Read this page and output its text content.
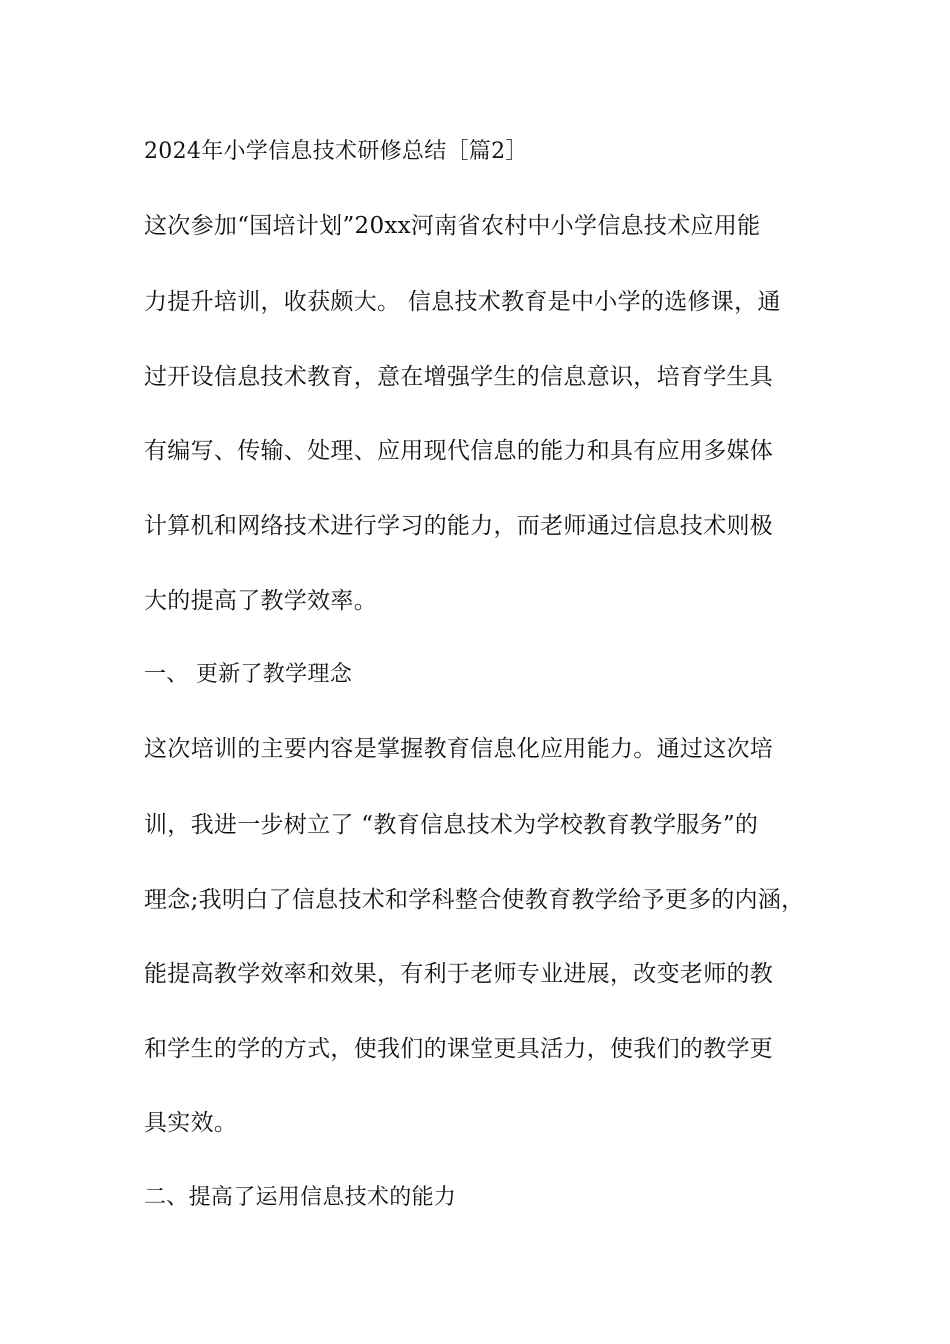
2024年小学信息技术研修总结［篇2］
这次参加“国培计划”20xx河南省农村中小学信息技术应用能
力提升培训，收获颇大。 信息技术教育是中小学的选修课，通
过开设信息技术教育，意在增强学生的信息意识，培育学生具
有编写、传输、处理、应用现代信息的能力和具有应用多媒体
计算机和网络技术进行学习的能力，而老师通过信息技术则极
大的提高了教学效率。
一、 更新了教学理念
这次培训的主要内容是掌握教育信息化应用能力。通过这次培
训，我进一步树立了 “教育信息技术为学校教育教学服务”的
理念;我明白了信息技术和学科整合使教育教学给予更多的内涵，
能提高教学效率和效果，有利于老师专业进展，改变老师的教
和学生的学的方式，使我们的课堂更具活力，使我们的教学更
具实效。
二、提高了运用信息技术的能力
